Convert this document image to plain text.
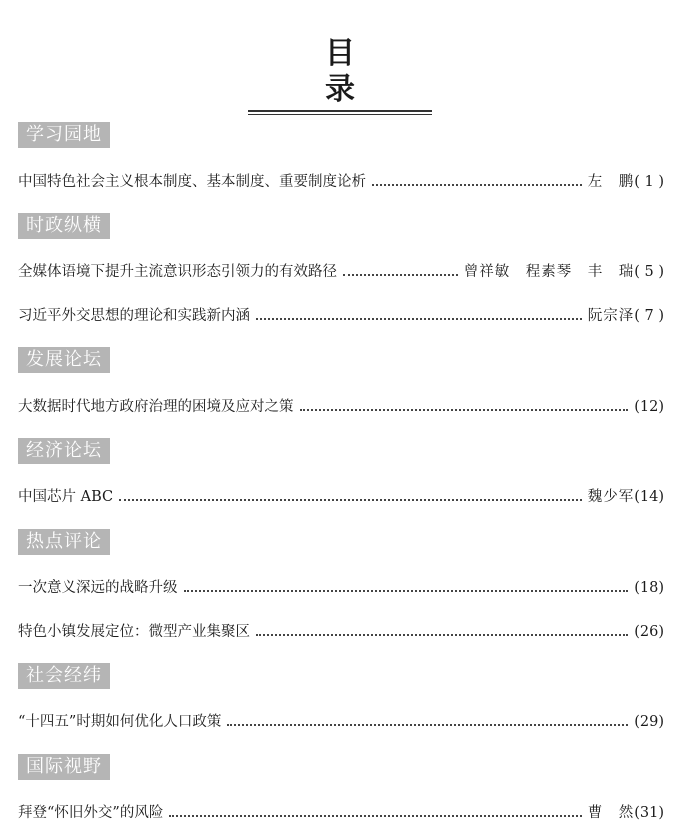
目录
学习园地
中国特色社会主义根本制度、基本制度、重要制度论析	左　鹏 ( 1 )
时政纵横
全媒体语境下提升主流意识形态引领力的有效路径	曾祥敏　程素琴　丰　瑞 ( 5 )
习近平外交思想的理论和实践新内涵	阮宗泽 ( 7 )
发展论坛
大数据时代地方政府治理的困境及应对之策	(12)
经济论坛
中国芯片 ABC	魏少军 (14)
热点评论
一次意义深远的战略升级	(18)
特色小镇发展定位：微型产业集聚区	(26)
社会经纬
“十四五”时期如何优化人口政策	(29)
国际视野
拜登“怀旧外交”的风险	曹　然 (31)
